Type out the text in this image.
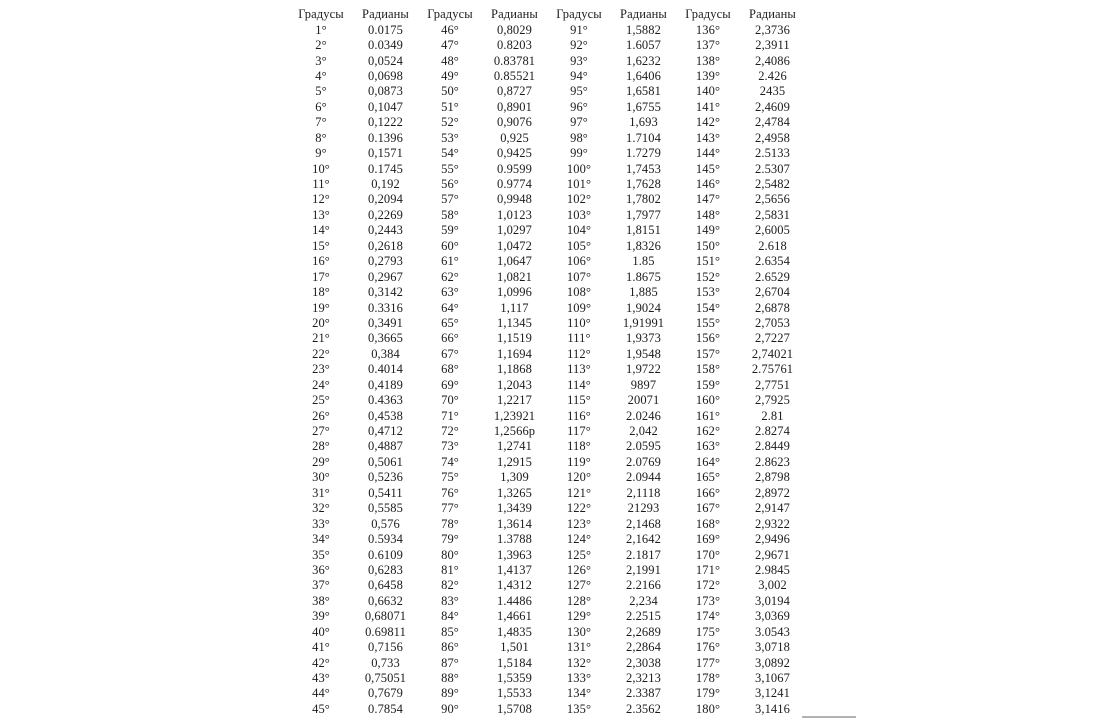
Градусы	Радианы	Градусы	Радианы	Градусы	Радианы	Градусы	Радианы
1°	0.0175	46°	0,8029	91°	1,5882	136°	2,3736
2°	0.0349	47°	0.8203	92°	1.6057	137°	2,3911
3°	0,0524	48°	0.83781	93°	1,6232	138°	2,4086
4°	0,0698	49°	0.85521	94°	1,6406	139°	2.426
5°	0,0873	50°	0,8727	95°	1,6581	140°	2435
6°	0,1047	51°	0,8901	96°	1,6755	141°	2,4609
7°	0,1222	52°	0,9076	97°	1,693	142°	2,4784
8°	0.1396	53°	0,925	98°	1.7104	143°	2,4958
9°	0,1571	54°	0,9425	99°	1.7279	144°	2.5133
10°	0.1745	55°	0.9599	100°	1,7453	145°	2.5307
11°	0,192	56°	0.9774	101°	1,7628	146°	2,5482
12°	0,2094	57°	0,9948	102°	1,7802	147°	2,5656
13°	0,2269	58°	1,0123	103°	1,7977	148°	2,5831
14°	0,2443	59°	1,0297	104°	1,8151	149°	2,6005
15°	0,2618	60°	1,0472	105°	1,8326	150°	2.618
16°	0,2793	61°	1,0647	106°	1.85	151°	2.6354
17°	0,2967	62°	1,0821	107°	1.8675	152°	2.6529
18°	0,3142	63°	1,0996	108°	1,885	153°	2,6704
19°	0.3316	64°	1,117	109°	1,9024	154°	2,6878
20°	0,3491	65°	1,1345	110°	1,91991	155°	2,7053
21°	0,3665	66°	1,1519	111°	1,9373	156°	2,7227
22°	0,384	67°	1,1694	112°	1,9548	157°	2,74021
23°	0.4014	68°	1,1868	113°	1,9722	158°	2.75761
24°	0,4189	69°	1,2043	114°	9897	159°	2,7751
25°	0.4363	70°	1,2217	115°	20071	160°	2,7925
26°	0,4538	71°	1,23921	116°	2.0246	161°	2.81
27°	0,4712	72°	1,2566p	117°	2,042	162°	2.8274
28°	0,4887	73°	1,2741	118°	2.0595	163°	2.8449
29°	0,5061	74°	1,2915	119°	2.0769	164°	2.8623
30°	0,5236	75°	1,309	120°	2.0944	165°	2,8798
31°	0,5411	76°	1,3265	121°	2,1118	166°	2,8972
32°	0,5585	77°	1,3439	122°	21293	167°	2,9147
33°	0,576	78°	1,3614	123°	2,1468	168°	2,9322
34°	0.5934	79°	1.3788	124°	2,1642	169°	2,9496
35°	0.6109	80°	1,3963	125°	2.1817	170°	2,9671
36°	0,6283	81°	1,4137	126°	2,1991	171°	2.9845
37°	0,6458	82°	1,4312	127°	2.2166	172°	3,002
38°	0,6632	83°	1.4486	128°	2,234	173°	3,0194
39°	0,68071	84°	1,4661	129°	2.2515	174°	3,0369
40°	0.69811	85°	1,4835	130°	2,2689	175°	3.0543
41°	0,7156	86°	1,501	131°	2,2864	176°	3,0718
42°	0,733	87°	1,5184	132°	2,3038	177°	3,0892
43°	0,75051	88°	1,5359	133°	2,3213	178°	3,1067
44°	0,7679	89°	1,5533	134°	2.3387	179°	3,1241
45°	0.7854	90°	1,5708	135°	2.3562	180°	3,1416
